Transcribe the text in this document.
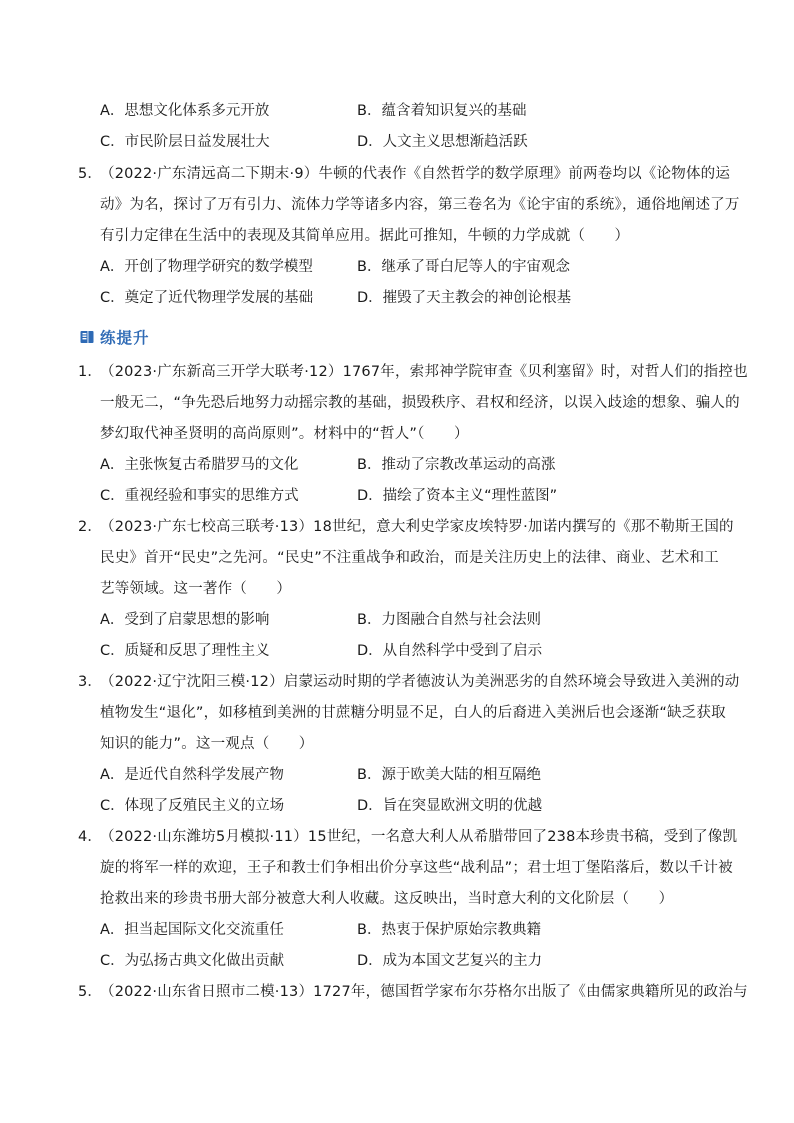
A．思想文化体系多元开放	B．蕴含着知识复兴的基础
C．市民阶层日益发展壮大	D．人文主义思想渐趋活跃
5．（2022·广东清远高二下期末·9）牛顿的代表作《自然哲学的数学原理》前两卷均以《论物体的运
动》为名，探讨了万有引力、流体力学等诸多内容，第三卷名为《论宇宙的系统》，通俗地阐述了万
有引力定律在生活中的表现及其简单应用。据此可推知，牛顿的力学成就（　　）
A．开创了物理学研究的数学模型	B．继承了哥白尼等人的宇宙观念
C．奠定了近代物理学发展的基础	D．摧毁了天主教会的神创论根基
练提升
1．（2023·广东新高三开学大联考·12）1767年，索邦神学院审查《贝利塞留》时，对哲人们的指控也
一般无二，“争先恐后地努力动摇宗教的基础，损毁秩序、君权和经济，以误入歧途的想象、骗人的
梦幻取代神圣贤明的高尚原则”。材料中的“哲人”（　　）
A．主张恢复古希腊罗马的文化	B．推动了宗教改革运动的高涨
C．重视经验和事实的思维方式	D．描绘了资本主义“理性蓝图”
2．（2023·广东七校高三联考·13）18世纪，意大利史学家皮埃特罗·加诺内撰写的《那不勒斯王国的
民史》首开“民史”之先河。“民史”不注重战争和政治，而是关注历史上的法律、商业、艺术和工
艺等领域。这一著作（　　）
A．受到了启蒙思想的影响	B．力图融合自然与社会法则
C．质疑和反思了理性主义	D．从自然科学中受到了启示
3．（2022·辽宁沈阳三模·12）启蒙运动时期的学者德波认为美洲恶劣的自然环境会导致进入美洲的动
植物发生“退化”，如移植到美洲的甘蔗糖分明显不足，白人的后裔进入美洲后也会逐渐“缺乏获取
知识的能力”。这一观点（　　）
A．是近代自然科学发展产物	B．源于欧美大陆的相互隔绝
C．体现了反殖民主义的立场	D．旨在突显欧洲文明的优越
4．（2022·山东潍坊5月模拟·11）15世纪，一名意大利人从希腊带回了238本珍贵书稿，受到了像凯
旋的将军一样的欢迎，王子和教士们争相出价分享这些“战利品”；君士坦丁堡陷落后，数以千计被
抢救出来的珍贵书册大部分被意大利人收藏。这反映出，当时意大利的文化阶层（　　）
A．担当起国际文化交流重任	B．热衷于保护原始宗教典籍
C．为弘扬古典文化做出贡献	D．成为本国文艺复兴的主力
5．（2022·山东省日照市二模·13）1727年，德国哲学家布尔芬格尔出版了《由儒家典籍所见的政治与
